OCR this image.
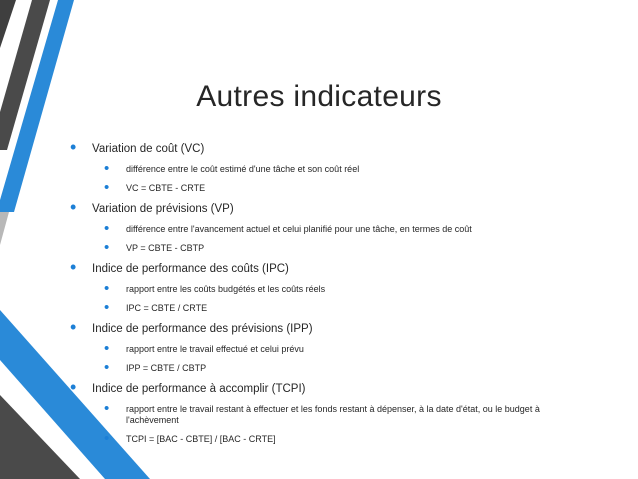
Autres indicateurs
• Variation de coût (VC)
• différence entre le coût estimé d'une tâche et son coût réel
• VC = CBTE - CRTE
• Variation de prévisions (VP)
• différence entre l'avancement actuel et celui planifié pour une tâche, en termes de coût
• VP = CBTE - CBTP
• Indice de performance des coûts (IPC)
• rapport entre les coûts budgétés et les coûts réels
• IPC = CBTE / CRTE
• Indice de performance des prévisions (IPP)
• rapport entre le travail effectué et celui prévu
• IPP = CBTE / CBTP
• Indice de performance à accomplir (TCPI)
• rapport entre le travail restant à effectuer et les fonds restant à dépenser, à la date d'état, ou le budget à l'achèvement
• TCPI = [BAC - CBTE] / [BAC - CRTE]
